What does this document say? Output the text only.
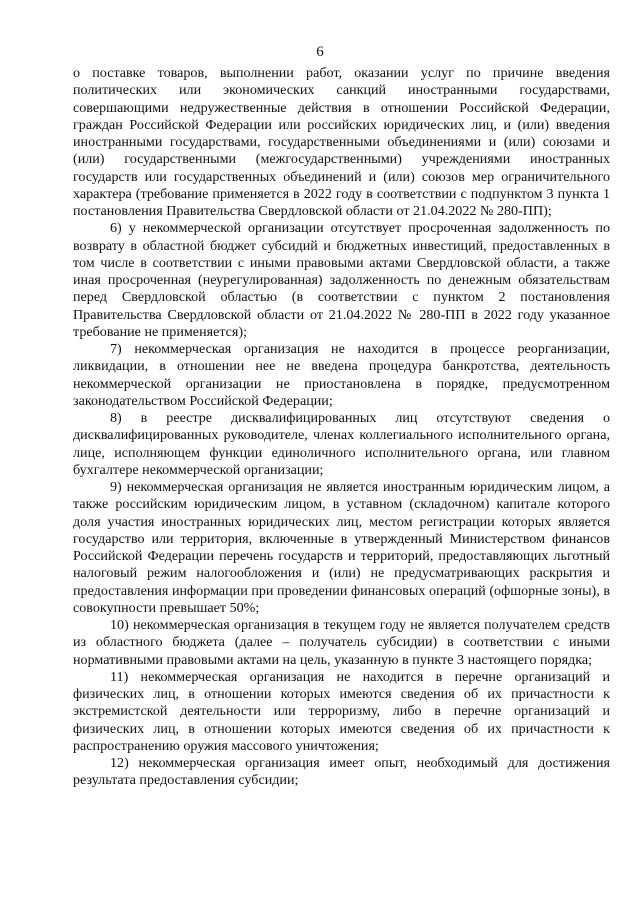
6

о поставке товаров, выполнении работ, оказании услуг по причине введения политических или экономических санкций иностранными государствами, совершающими недружественные действия в отношении Российской Федерации, граждан Российской Федерации или российских юридических лиц, и (или) введения иностранными государствами, государственными объединениями и (или) союзами и (или) государственными (межгосударственными) учреждениями иностранных государств или государственных объединений и (или) союзов мер ограничительного характера (требование применяется в 2022 году в соответствии с подпунктом 3 пункта 1 постановления Правительства Свердловской области от 21.04.2022 № 280-ПП);

6) у некоммерческой организации отсутствует просроченная задолженность по возврату в областной бюджет субсидий и бюджетных инвестиций, предоставленных в том числе в соответствии с иными правовыми актами Свердловской области, а также иная просроченная (неурегулированная) задолженность по денежным обязательствам перед Свердловской областью (в соответствии с пунктом 2 постановления Правительства Свердловской области от 21.04.2022 № 280-ПП в 2022 году указанное требование не применяется);

7) некоммерческая организация не находится в процессе реорганизации, ликвидации, в отношении нее не введена процедура банкротства, деятельность некоммерческой организации не приостановлена в порядке, предусмотренном законодательством Российской Федерации;

8) в реестре дисквалифицированных лиц отсутствуют сведения о дисквалифицированных руководителе, членах коллегиального исполнительного органа, лице, исполняющем функции единоличного исполнительного органа, или главном бухгалтере некоммерческой организации;

9) некоммерческая организация не является иностранным юридическим лицом, а также российским юридическим лицом, в уставном (складочном) капитале которого доля участия иностранных юридических лиц, местом регистрации которых является государство или территория, включенные в утвержденный Министерством финансов Российской Федерации перечень государств и территорий, предоставляющих льготный налоговый режим налогообложения и (или) не предусматривающих раскрытия и предоставления информации при проведении финансовых операций (офшорные зоны), в совокупности превышает 50%;

10) некоммерческая организация в текущем году не является получателем средств из областного бюджета (далее – получатель субсидии) в соответствии с иными нормативными правовыми актами на цель, указанную в пункте 3 настоящего порядка;

11) некоммерческая организация не находится в перечне организаций и физических лиц, в отношении которых имеются сведения об их причастности к экстремистской деятельности или терроризму, либо в перечне организаций и физических лиц, в отношении которых имеются сведения об их причастности к распространению оружия массового уничтожения;

12) некоммерческая организация имеет опыт, необходимый для достижения результата предоставления субсидии;
